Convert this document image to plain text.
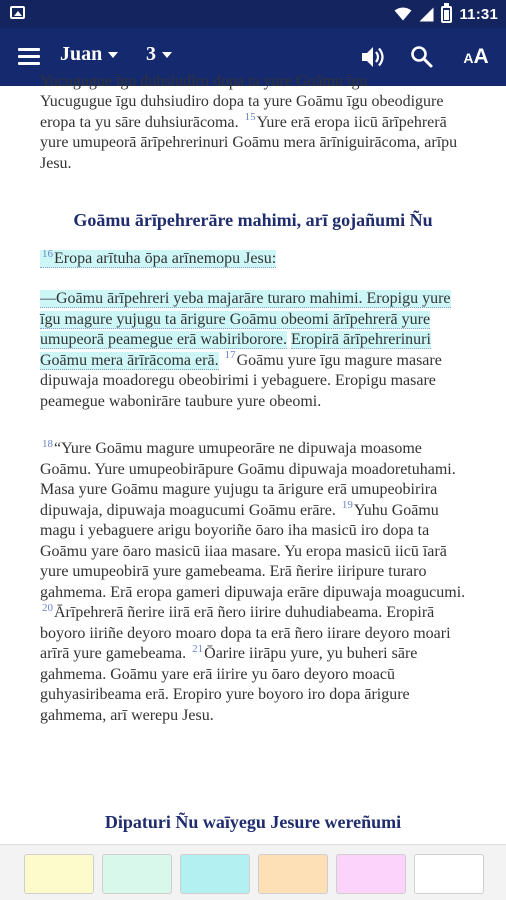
11:31
Juan 3	AA
Yucugugue īgu duhsiudiro dopa ta yure Goāmu īgu
Yucugugue īgu duhsiudiro dopa ta yure Goāmu īgu obeodigure eropa ta yu sāre duhsiurācoma. $^{15}$Yure erā eropa iicū ārīpehrerā yure umupeorā ārīpehrerinuri Goāmu mera ārīniguirācoma, arīpu Jesu.
Goāmu ārīpehrerāre mahimi, arī gojañumi Ñu
$^{16}$Eropa arītuha ōpa arīnemopu Jesu:
—Goāmu ārīpehreri yeba majarāre turaro mahimi. Eropigu yure īgu magure yujugu ta ārigure Goāmu obeomi ārīpehrerā yure umupeorā peamegue erā wabiriborore. Eropirā ārīpehrerinuri Goāmu mera ārīrācoma erā. $^{17}$Goāmu yure īgu magure masare dipuwaja moadoregu obeobirimi i yebaguere. Eropigu masare peamegue wabonirāre taubure yure obeomi.
$^{18}$“Yure Goāmu magure umupeorāre ne dipuwaja moasome Goāmu. Yure umupeobirāpure Goāmu dipuwaja moadoretuhami. Masa yure Goāmu magure yujugu ta ārigure erā umupeobirira dipuwaja, dipuwaja moagucumi Goāmu erāre. $^{19}$Yuhu Goāmu magu i yebaguere arigu boyoriñe ōaro iha masicū iro dopa ta Goāmu yare ōaro masicū iiaa masare. Yu eropa masicū iicū īarā yure umupeobirā yure gamebeama. Erā ñerire iiripure turaro gahmema. Erā eropa gameri dipuwaja erāre dipuwaja moagucumi. $^{20}$Ārīpehrerā ñerire iirā erā ñero iirire duhudiabeama. Eropirā boyoro iiriñe deyoro moaro dopa ta erā ñero iirare deyoro moari arīrā yure gamebeama. $^{21}$Ōarire iirāpu yure, yu buheri sāre gahmema. Goāmu yare erā iirire yu ōaro deyoro moacū guhyasiribeama erā. Eropiro yure boyoro iro dopa ārigure gahmema, arī werepu Jesu.
Dipaturi Ñu waīyegu Jesure wereñumi
